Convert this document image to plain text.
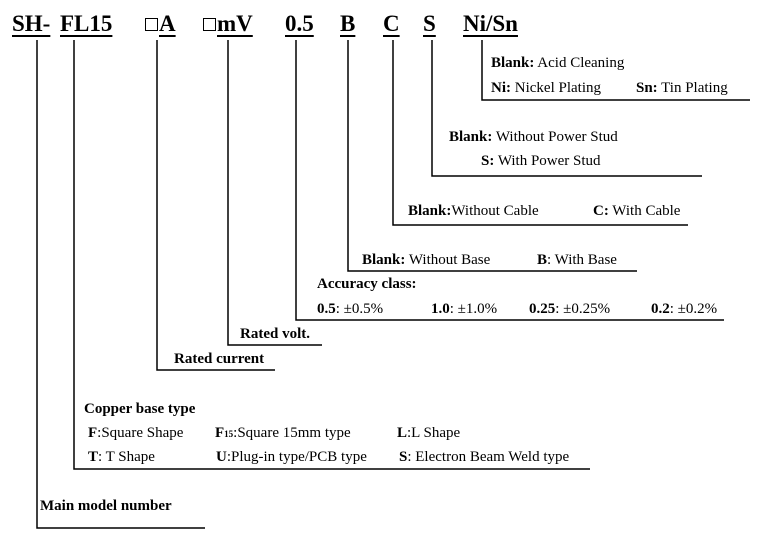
SH- FL15	A	mV 0.5 B C S Ni/Sn
Blank: Acid Cleaning
Ni: Nickel Plating Sn: Tin Plating
Blank: Without Power Stud
S: With Power Stud
Blank:Without Cable	C: With Cable
Blank: Without Base	B: With Base
Accuracy class:
0.5: ±0.5%	1.0: ±1.0% 0.25: ±0.25%	0.2: ±0.2%
Rated volt.
Rated current
Copper base type
F:Square Shape F15:Square 15mm type	L:L Shape
T: T Shape	U:Plug-in type/PCB type S: Electron Beam Weld type
Main model number
